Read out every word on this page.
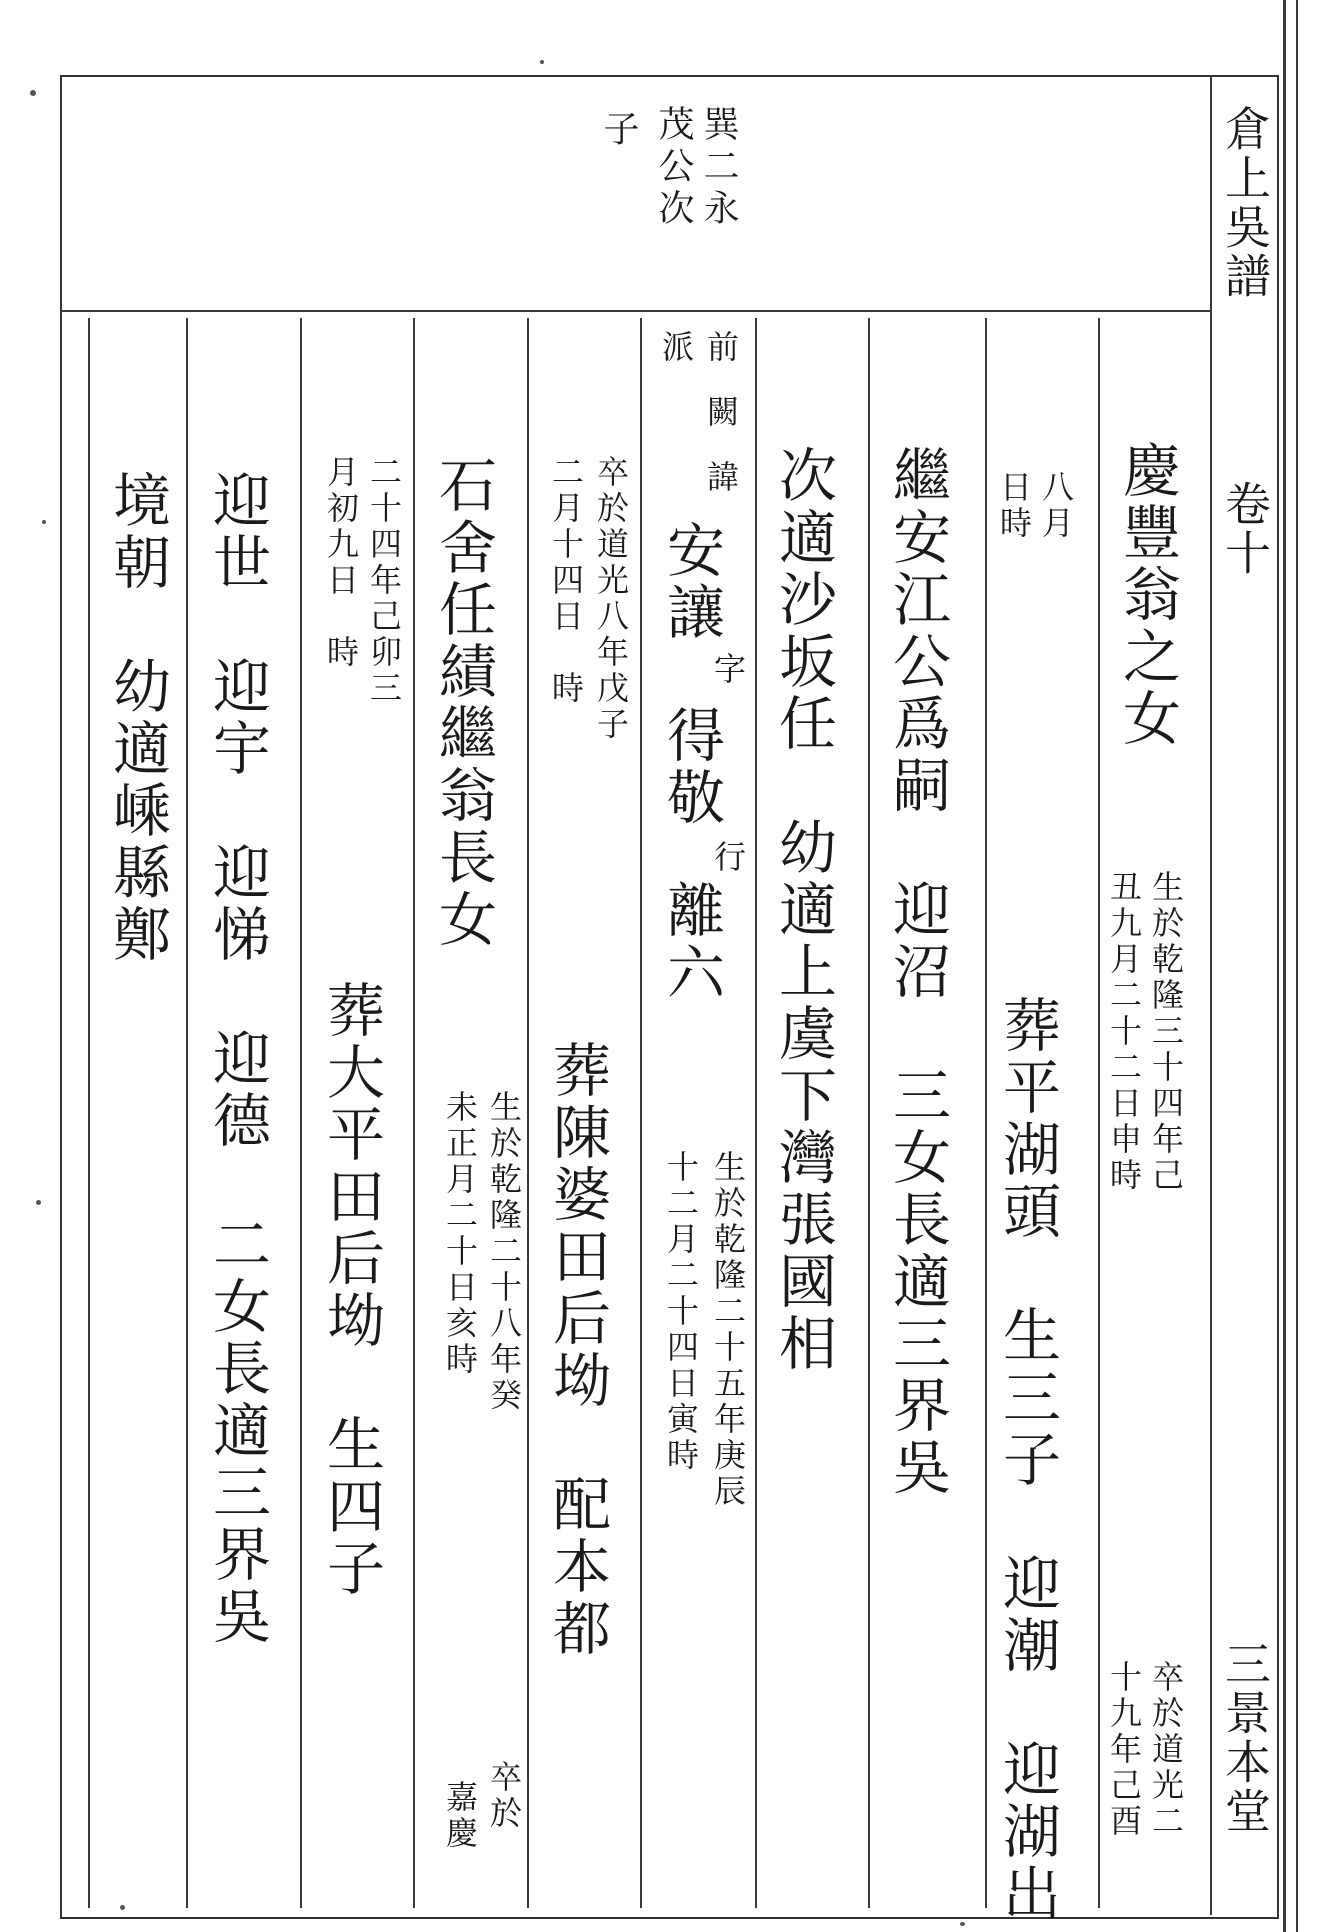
巽二永
茂公次
子	倉上吳譜
卷十
三景本堂
慶豐翁之女
生於乾隆三十四年己
丑九月二十二日申時
卒於道光二
十九年己酉
八月
日時
葬平湖頭　生三子　迎潮　迎湖出
繼安江公爲嗣　迎沼　三女長適三界吳
次適沙坂任　幼適上虞下灣張國相
前
闕
諱
派
安讓
字
得敬
行
離六
生於乾隆二十五年庚辰
十二月二十四日寅時
卒於道光八年戊子
二月十四日　時
葬陳婆田后坳　配本都
石舍任績繼翁長女
生於乾隆二十八年癸
未正月二十日亥時
卒於
嘉慶
二十四年己卯三
月初九日　時
葬大平田后坳　生四子
迎世　迎宇　迎悌　迎德　二女長適三界吳
境朝　幼適嵊縣鄭
